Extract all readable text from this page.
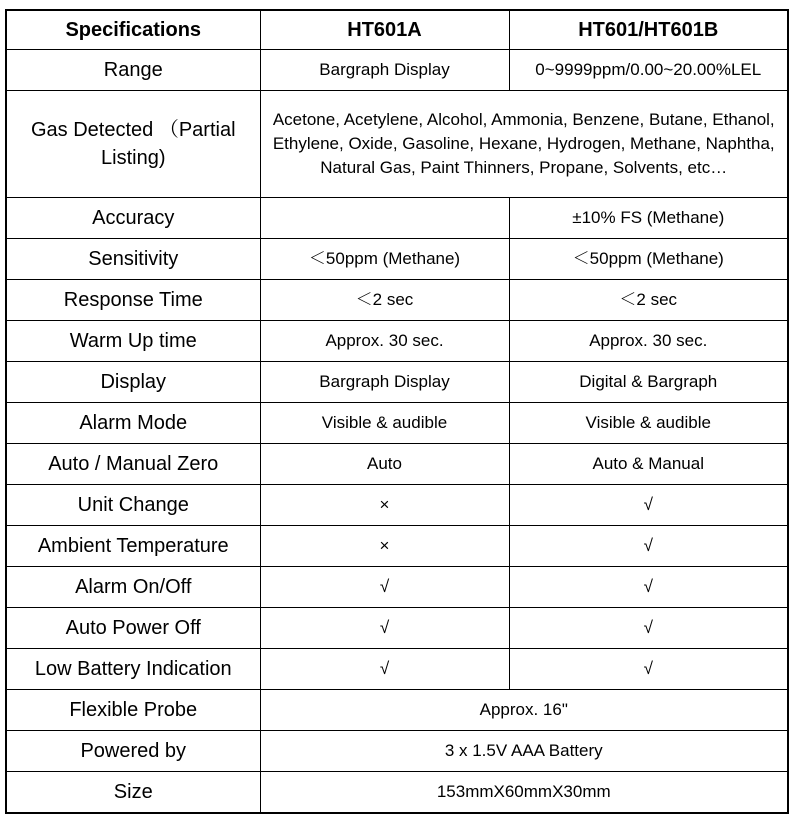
Specifications	HT601A	HT601/HT601B
Range	Bargraph Display	0~9999ppm/0.00~20.00%LEL
Gas Detected （Partial Listing)	Acetone, Acetylene, Alcohol, Ammonia, Benzene, Butane, Ethanol, Ethylene, Oxide, Gasoline, Hexane, Hydrogen, Methane, Naphtha, Natural Gas, Paint Thinners, Propane, Solvents, etc…	
Accuracy		±10% FS (Methane)
Sensitivity	＜50ppm (Methane)	＜50ppm (Methane)
Response Time	＜2 sec	＜2 sec
Warm Up time	Approx. 30 sec.	Approx. 30 sec.
Display	Bargraph Display	Digital & Bargraph
Alarm Mode	Visible & audible	Visible & audible
Auto / Manual Zero	Auto	Auto & Manual
Unit Change	×	√
Ambient Temperature	×	√
Alarm On/Off	√	√
Auto Power Off	√	√
Low Battery Indication	√	√
Flexible Probe	Approx. 16"	
Powered by	3 x 1.5V AAA Battery	
Size	153mmX60mmX30mm	
